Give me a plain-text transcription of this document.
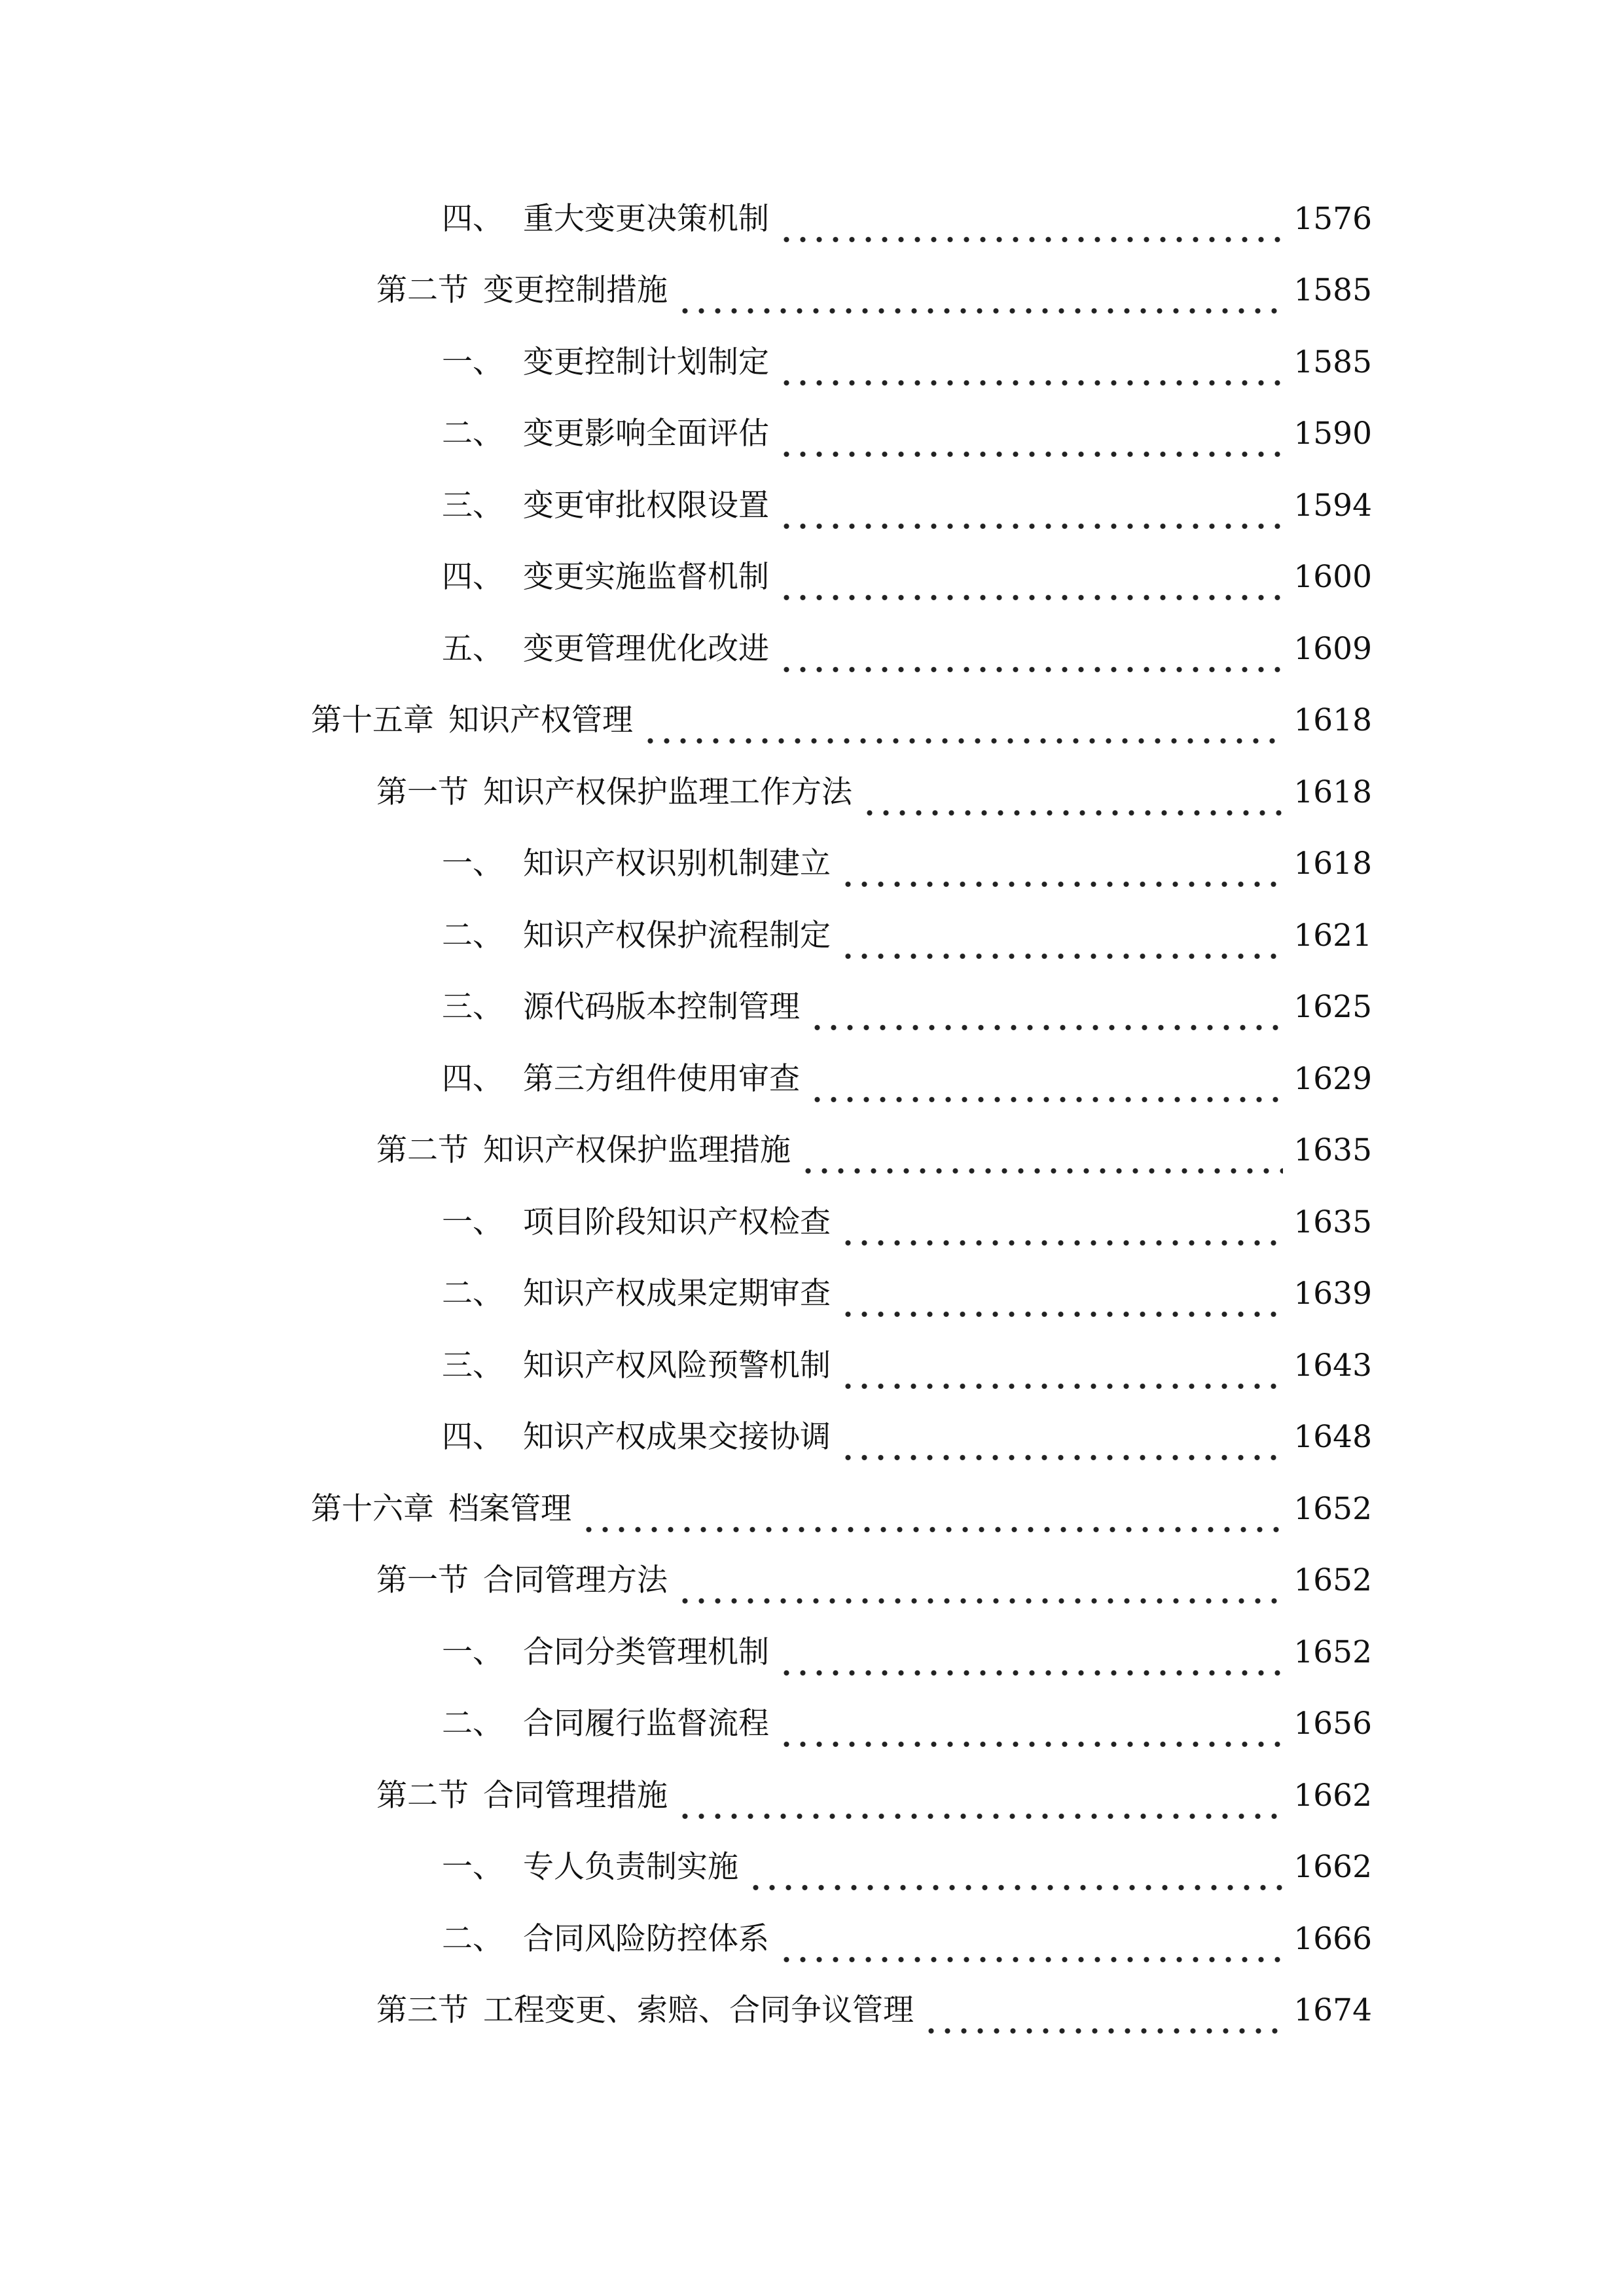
四、 重大变更决策机制	1576
第二节 变更控制措施	1585
一、 变更控制计划制定	1585
二、 变更影响全面评估	1590
三、 变更审批权限设置	1594
四、 变更实施监督机制	1600
五、 变更管理优化改进	1609
第十五章 知识产权管理	1618
第一节 知识产权保护监理工作方法	1618
一、 知识产权识别机制建立	1618
二、 知识产权保护流程制定	1621
三、 源代码版本控制管理	1625
四、 第三方组件使用审查	1629
第二节 知识产权保护监理措施	1635
一、 项目阶段知识产权检查	1635
二、 知识产权成果定期审查	1639
三、 知识产权风险预警机制	1643
四、 知识产权成果交接协调	1648
第十六章 档案管理	1652
第一节 合同管理方法	1652
一、 合同分类管理机制	1652
二、 合同履行监督流程	1656
第二节 合同管理措施	1662
一、 专人负责制实施	1662
二、 合同风险防控体系	1666
第三节 工程变更、索赔、合同争议管理	1674
